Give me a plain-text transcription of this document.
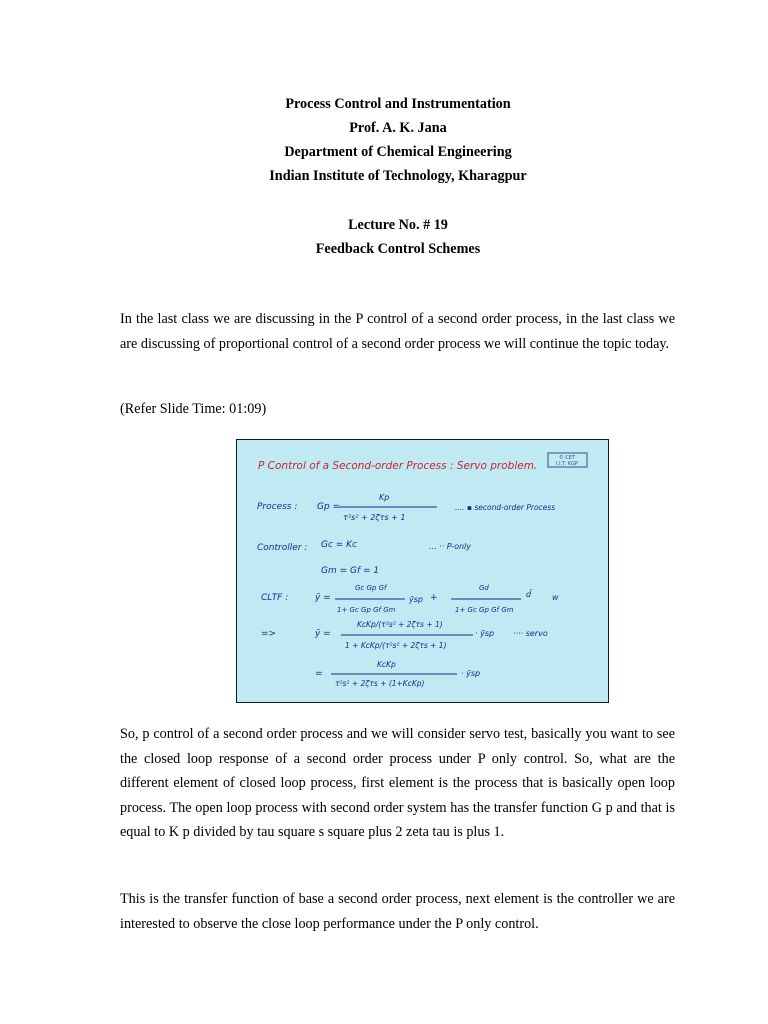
Process Control and Instrumentation
Prof. A. K. Jana
Department of Chemical Engineering
Indian Institute of Technology, Kharagpur
Lecture No. # 19
Feedback Control Schemes

In the last class we are discussing in the P control of a second order process, in the last class we are discussing of proportional control of a second order process we will continue the topic today.

(Refer Slide Time: 01:09)

© CET
I.I.T. KGP
P Control of a Second-order Process : Servo problem.
Process : Gp =
Kp
τ²s² + 2ζτs + 1
.... ▪ second-order Process
Controller : Gc = Kc	... ·· P-only
Gm = Gf = 1
CLTF :	ȳ =
Gc Gp Gf
1+ Gc Gp Gf Gm
ȳsp +
Gd
1+ Gc Gp Gf Gm
d̄	w
=>	ȳ =
KcKp/(τ²s² + 2ζτs + 1)
1 + KcKp/(τ²s² + 2ζτs + 1)
· ȳsp ···· servo
=
KcKp
τ²s² + 2ζτs + (1+KcKp)
· ȳsp

So, p control of a second order process and we will consider servo test, basically you want to see the closed loop response of a second order process under P only control. So, what are the different element of closed loop process, first element is the process that is basically open loop process. The open loop process with second order system has the transfer function G p and that is equal to K p divided by tau square s square plus 2 zeta tau is plus 1.

This is the transfer function of base a second order process, next element is the controller we are interested to observe the close loop performance under the P only control.
